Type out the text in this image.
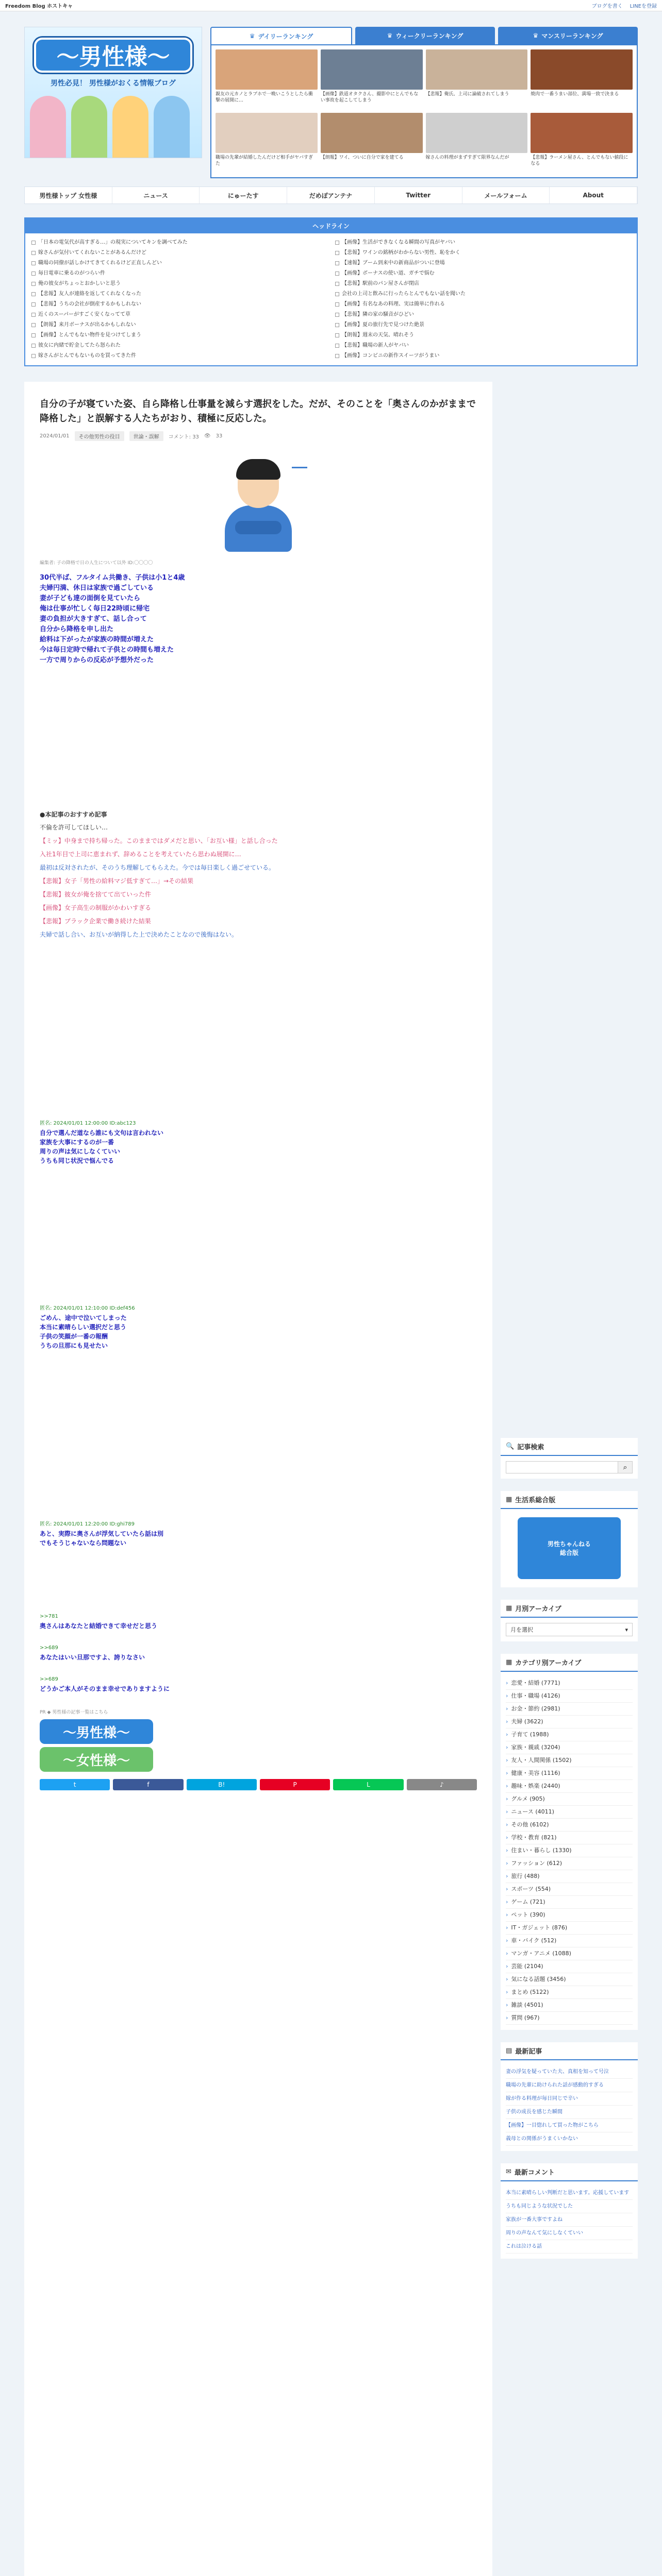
Freedom Blog ホストキャ	ブログを書く LINEを登録
〜男性様〜
男性必見！ 男性様がおくる情報ブログ
♛ デイリーランキング	♛ ウィークリーランキング	♛ マンスリーランキング
親友の元カノとラブホで一晩いこうとしたら衝撃の展開に…
【画像】鉄道オタクさん、撮影中にとんでもない事故を起こしてしまう
【悲報】俺氏、上司に論破されてしまう	焼肉で一番うまい部位、満場一致で決まる
職場の先輩が結婚したんだけど相手がヤバすぎた
【朗報】ワイ、ついに自分で家を建てる	嫁さんの料理がまずすぎて限界なんだが	【悲報】ラーメン屋さん、とんでもない値段になる
男性様トップ 女性様	ニュース	にゅーたす	だめぽアンテナ	Twitter	メールフォーム	About
ヘッドライン
「日本の電気代が高すぎる…」の現実についてキンを調べてみた
嫁さんが気付いてくれないことがあるんだけど
職場の同僚が話しかけてきてくれるけど正直しんどい
毎日電車に乗るのがつらい件
俺の彼女がちょっとおかしいと思う
【悲報】友人が連絡を返してくれなくなった
【悲報】うちの会社が倒産するかもしれない
近くのスーパーがすごく安くなってて草
【朗報】来月ボーナスが出るかもしれない
【画像】とんでもない物件を見つけてしまう
彼女に内緒で貯金してたら怒られた
嫁さんがとんでもないものを買ってきた件
【画像】生活ができなくなる瞬間の写真がヤバい
【悲報】ワインの銘柄がわからない男性、恥をかく
【速報】ブーム到来中の新商品がついに登場
【画像】ボーナスの使い道、ガチで悩む
【悲報】駅前のパン屋さんが閉店
会社の上司と飲みに行ったらとんでもない話を聞いた
【画像】有名なあの料理、実は簡単に作れる
【悲報】隣の家の騒音がひどい
【画像】夏の旅行先で見つけた絶景
【朗報】週末の天気、晴れそう
【悲報】職場の新人がヤバい
【画像】コンビニの新作スイーツがうまい
自分の子が寝ていた姿、自ら降格し仕事量を減らす選択をした。だが、そのことを「奥さんのかがままで降格した」と誤解する人たちがおり、積極に反応した。
2024/01/01	その他男性の役目	世論・誤解	コメント: 33 👁 33
編集者: 子の降格で日の人生について以外 ID:〇〇〇〇
30代半ば、フルタイム共働き、子供は小1と4歳
夫婦円満、休日は家族で過ごしている
妻が子ども達の面倒を見ていたら
俺は仕事が忙しく毎日22時頃に帰宅
妻の負担が大きすぎて、話し合って
自分から降格を申し出た
給料は下がったが家族の時間が増えた
今は毎日定時で帰れて子供との時間も増えた
一方で周りからの反応が予想外だった
●本記事のおすすめ記事
不倫を許可してほしい…
【ミッ】中身まで持ち帰った。このままではダメだと思い、「お互い様」と話し合った
入社1年目で上司に恵まれず、辞めることを考えていたら思わぬ展開に…
最初は反対されたが、そのうち理解してもらえた。今では毎日楽しく過ごせている。
【悲報】女子「男性の給料マジ低すぎて…」→その結果
【悲報】彼女が俺を捨てて出ていった件
【画像】女子高生の制服がかわいすぎる
【悲報】ブラック企業で働き続けた結果
夫婦で話し合い、お互いが納得した上で決めたことなので後悔はない。
匿名: 2024/01/01 12:00:00 ID:abc123
自分で選んだ道なら誰にも文句は言われない
家族を大事にするのが一番
周りの声は気にしなくていい
うちも同じ状況で悩んでる
匿名: 2024/01/01 12:10:00 ID:def456
ごめん、途中で泣いてしまった
本当に素晴らしい選択だと思う
子供の笑顔が一番の報酬
うちの旦那にも見せたい
匿名: 2024/01/01 12:20:00 ID:ghi789
あと、実際に奥さんが浮気していたら話は別
でもそうじゃないなら問題ない
>>781
奥さんはあなたと結婚できて幸せだと思う
>>689
あなたはいい旦那ですよ、誇りなさい
>>689
どうかご本人がそのまま幸せでありますように
PR ◆ 男性様の記事一覧はこちら
〜男性様〜
〜女性様〜
t	f	B!	P	L	♪
🔍 記事検索
⌕
▦ 生活系総合版
男性ちゃんねる
総合版
▦ 月別アーカイブ
月を選択	▾
▦ カテゴリ別アーカイブ
› 恋愛・結婚 (7771)
› 仕事・職場 (4126)
› お金・節約 (2981)
› 夫婦 (3622)
› 子育て (1988)
› 家族・親戚 (3204)
› 友人・人間関係 (1502)
› 健康・美容 (1116)
› 趣味・娯楽 (2440)
› グルメ (905)
› ニュース (4011)
› その他 (6102)
› 学校・教育 (821)
› 住まい・暮らし (1330)
› ファッション (612)
› 旅行 (488)
› スポーツ (554)
› ゲーム (721)
› ペット (390)
› IT・ガジェット (876)
› 車・バイク (512)
› マンガ・アニメ (1088)
› 芸能 (2104)
› 気になる話題 (3456)
› まとめ (5122)
› 雑談 (4501)
› 質問 (967)
▤ 最新記事
妻の浮気を疑っていた夫、真相を知って号泣
職場の先輩に助けられた話が感動的すぎる
嫁が作る料理が毎日同じで辛い
子供の成長を感じた瞬間
【画像】一目惚れして買った物がこちら
義母との関係がうまくいかない
✉ 最新コメント
本当に素晴らしい判断だと思います。応援しています
うちも同じような状況でした
家族が一番大事ですよね
周りの声なんて気にしなくていい
これは泣ける話
